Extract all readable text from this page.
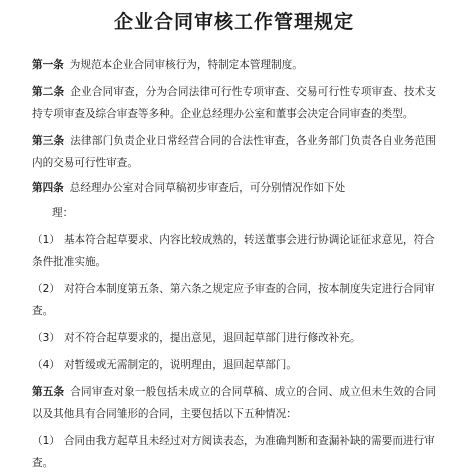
企业合同审核工作管理规定
第一条 为规范本企业合同审核行为，特制定本管理制度。
第二条 企业合同审查，分为合同法律可行性专项审查、交易可行性专项审查、技术支持专项审查及综合审查等多种。企业总经理办公室和董事会决定合同审查的类型。
第三条 法律部门负责企业日常经营合同的合法性审查，各业务部门负责各自业务范围内的交易可行性审查。
第四条 总经理办公室对合同草稿初步审查后，可分别情况作如下处
理：
（1） 基本符合起草要求、内容比较成熟的，转送董事会进行协调论证征求意见，符合条件批准实施。
（2） 对符合本制度第五条、第六条之规定应予审查的合同，按本制度失定进行合同审查。
（3） 对不符合起草要求的，提出意见，退回起草部门进行修改补充。
（4） 对暂缓或无需制定的，说明理由，退回起草部门。
第五条 合同审查对象一般包括未成立的合同草稿、成立的合同、成立但未生效的合同以及其他具有合同雏形的合同，主要包括以下五种情况：
（1） 合同由我方起草且未经过对方阅读表态，为准确判断和查漏补缺的需要而进行审查。
